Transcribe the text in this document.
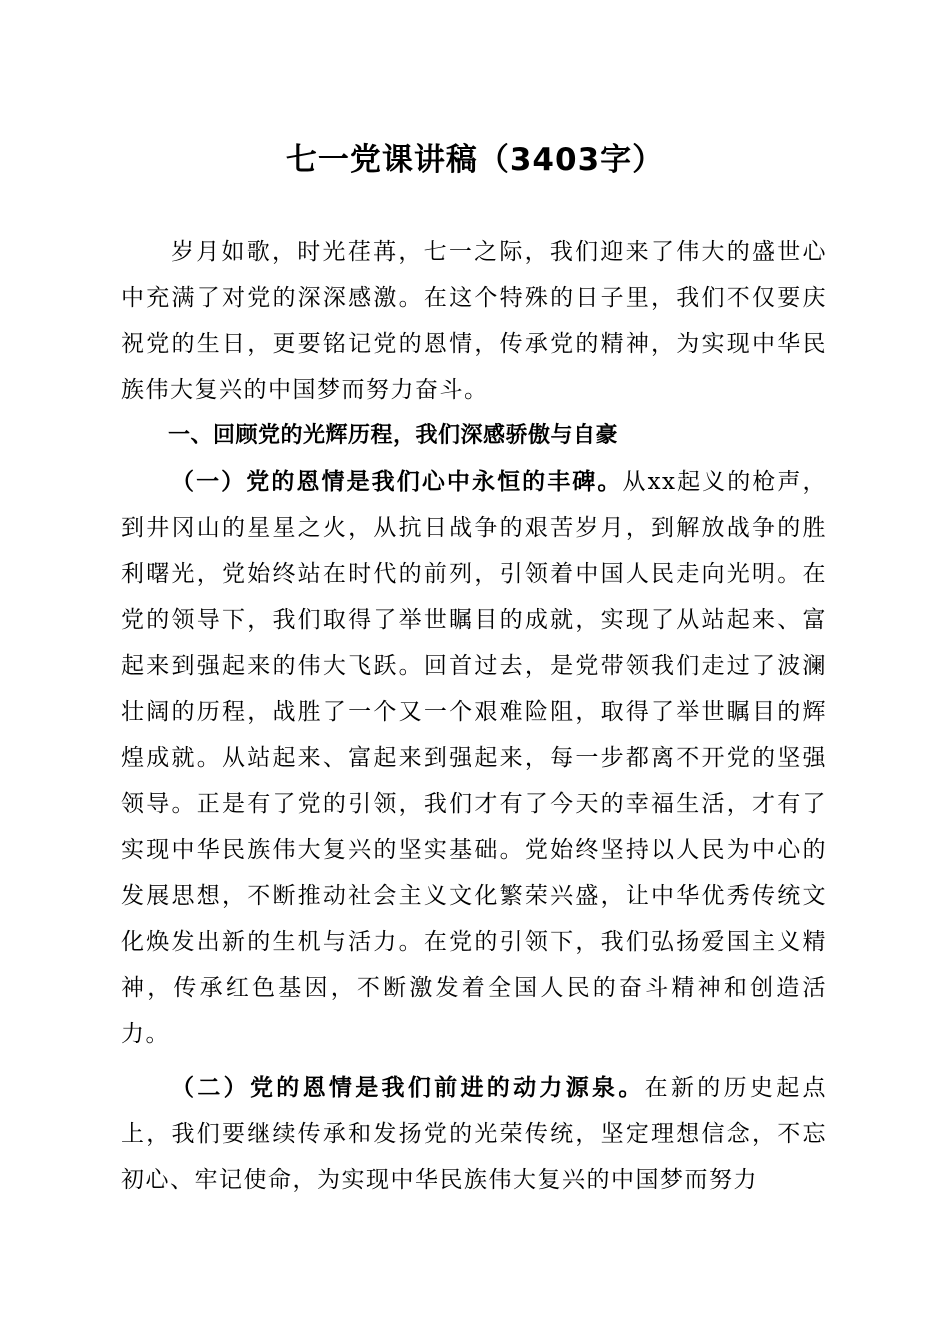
七一党课讲稿（3403字）

岁月如歌，时光荏苒，七一之际，我们迎来了伟大的盛世心中充满了对党的深深感激。在这个特殊的日子里，我们不仅要庆祝党的生日，更要铭记党的恩情，传承党的精神，为实现中华民族伟大复兴的中国梦而努力奋斗。

一、回顾党的光辉历程，我们深感骄傲与自豪

（一）党的恩情是我们心中永恒的丰碑。从xx起义的枪声，到井冈山的星星之火，从抗日战争的艰苦岁月，到解放战争的胜利曙光，党始终站在时代的前列，引领着中国人民走向光明。在党的领导下，我们取得了举世瞩目的成就，实现了从站起来、富起来到强起来的伟大飞跃。回首过去，是党带领我们走过了波澜壮阔的历程，战胜了一个又一个艰难险阻，取得了举世瞩目的辉煌成就。从站起来、富起来到强起来，每一步都离不开党的坚强领导。正是有了党的引领，我们才有了今天的幸福生活，才有了实现中华民族伟大复兴的坚实基础。党始终坚持以人民为中心的发展思想，不断推动社会主义文化繁荣兴盛，让中华优秀传统文化焕发出新的生机与活力。在党的引领下，我们弘扬爱国主义精神，传承红色基因，不断激发着全国人民的奋斗精神和创造活力。

（二）党的恩情是我们前进的动力源泉。在新的历史起点上，我们要继续传承和发扬党的光荣传统，坚定理想信念，不忘初心、牢记使命，为实现中华民族伟大复兴的中国梦而努力
